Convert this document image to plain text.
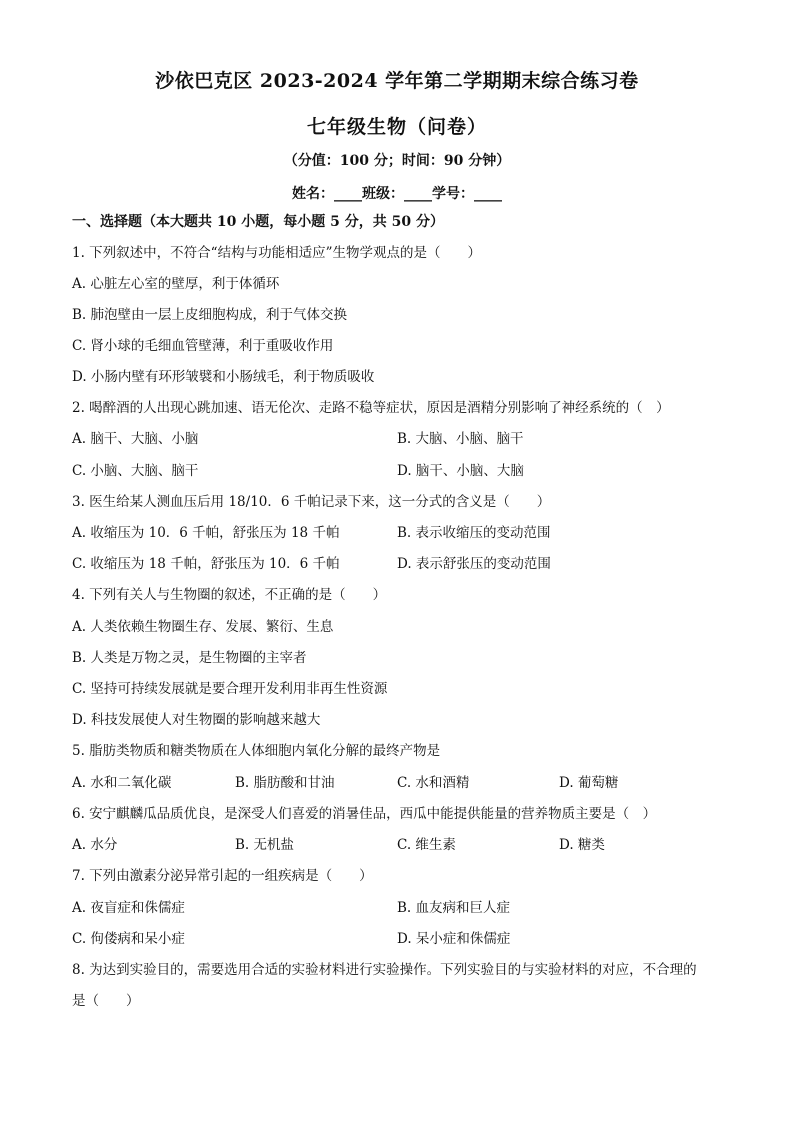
沙依巴克区 2023-2024 学年第二学期期末综合练习卷
七年级生物（问卷）
（分值：100 分；时间：90 分钟）
姓名：____班级：____学号：____
一、选择题（本大题共 10 小题，每小题 5 分，共 50 分）
1. 下列叙述中，不符合“结构与功能相适应”生物学观点的是（　　）
A. 心脏左心室的壁厚，利于体循环
B. 肺泡壁由一层上皮细胞构成，利于气体交换
C. 肾小球的毛细血管壁薄，利于重吸收作用
D. 小肠内壁有环形皱襞和小肠绒毛，利于物质吸收
2. 喝醉酒的人出现心跳加速、语无伦次、走路不稳等症状，原因是酒精分别影响了神经系统的（　）
A. 脑干、大脑、小脑	B. 大脑、小脑、脑干
C. 小脑、大脑、脑干	D. 脑干、小脑、大脑
3. 医生给某人测血压后用 18/10．6 千帕记录下来，这一分式的含义是（　　）
A. 收缩压为 10．6 千帕，舒张压为 18 千帕	B. 表示收缩压的变动范围
C. 收缩压为 18 千帕，舒张压为 10．6 千帕	D. 表示舒张压的变动范围
4. 下列有关人与生物圈的叙述，不正确的是（　　）
A. 人类依赖生物圈生存、发展、繁衍、生息
B. 人类是万物之灵，是生物圈的主宰者
C. 坚持可持续发展就是要合理开发利用非再生性资源
D. 科技发展使人对生物圈的影响越来越大
5. 脂肪类物质和糖类物质在人体细胞内氧化分解的最终产物是
A. 水和二氧化碳	B. 脂肪酸和甘油	C. 水和酒精	D. 葡萄糖
6. 安宁麒麟瓜品质优良，是深受人们喜爱的消暑佳品，西瓜中能提供能量的营养物质主要是（　）
A. 水分	B. 无机盐	C. 维生素	D. 糖类
7. 下列由激素分泌异常引起的一组疾病是（　　）
A. 夜盲症和侏儒症	B. 血友病和巨人症
C. 佝偻病和呆小症	D. 呆小症和侏儒症
8. 为达到实验目的，需要选用合适的实验材料进行实验操作。下列实验目的与实验材料的对应，不合理的
是（　　）
